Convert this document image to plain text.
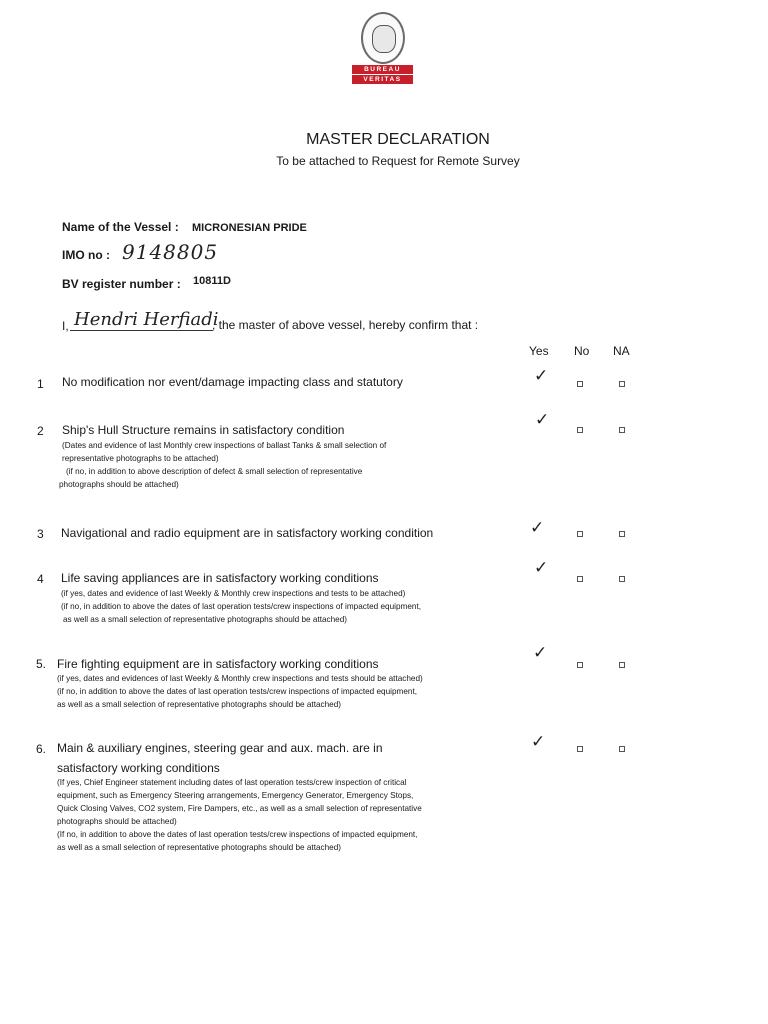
BUREAU
VERITAS
MASTER DECLARATION
To be attached to Request for Remote Survey
Name of the Vessel : MICRONESIAN PRIDE
IMO no : 9148805
BV register number : 10811D
I, Hendri Herfiadi
, the master of above vessel, hereby confirm that :
Yes No NA
1 No modification nor event/damage impacting class and statutory	✓
2 Ship's Hull Structure remains in satisfactory condition
(Dates and evidence of last Monthly crew inspections of ballast Tanks & small selection of
representative photographs to be attached)
(if no, in addition to above description of defect & small selection of representative
photographs should be attached)
✓
3 Navigational and radio equipment are in satisfactory working condition	✓
4 Life saving appliances are in satisfactory working conditions
(if yes, dates and evidence of last Weekly & Monthly crew inspections and tests to be attached)
(if no, in addition to above the dates of last operation tests/crew inspections of impacted equipment,
as well as a small selection of representative photographs should be attached)
✓
5. Fire fighting equipment are in satisfactory working conditions
(if yes, dates and evidences of last Weekly & Monthly crew inspections and tests should be attached)
(if no, in addition to above the dates of last operation tests/crew inspections of impacted equipment,
as well as a small selection of representative photographs should be attached)
✓
6. Main & auxiliary engines, steering gear and aux. mach. are in
satisfactory working conditions
(If yes, Chief Engineer statement including dates of last operation tests/crew inspection of critical
equipment, such as Emergency Steering arrangements, Emergency Generator, Emergency Stops,
Quick Closing Valves, CO2 system, Fire Dampers, etc., as well as a small selection of representative
photographs should be attached)
(If no, in addition to above the dates of last operation tests/crew inspections of impacted equipment,
as well as a small selection of representative photographs should be attached)
✓
